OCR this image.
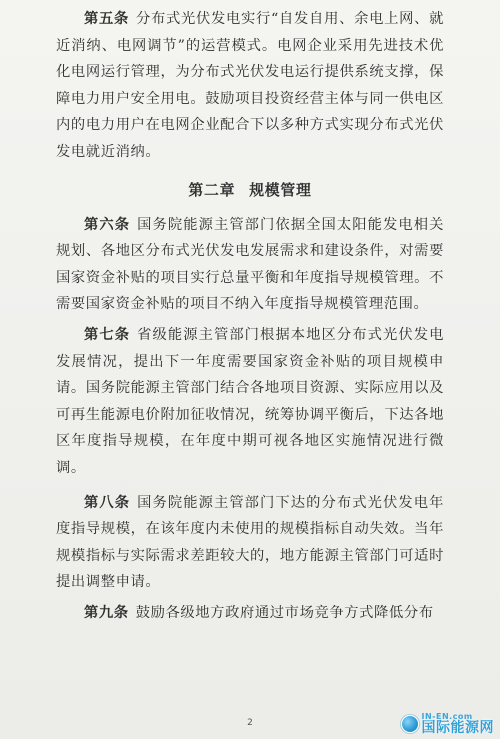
第五条 分布式光伏发电实行“自发自用、余电上网、就近消纳、电网调节”的运营模式。电网企业采用先进技术优化电网运行管理，为分布式光伏发电运行提供系统支撑，保障电力用户安全用电。鼓励项目投资经营主体与同一供电区内的电力用户在电网企业配合下以多种方式实现分布式光伏发电就近消纳。

第二章 规模管理

第六条 国务院能源主管部门依据全国太阳能发电相关规划、各地区分布式光伏发电发展需求和建设条件，对需要国家资金补贴的项目实行总量平衡和年度指导规模管理。不需要国家资金补贴的项目不纳入年度指导规模管理范围。

第七条 省级能源主管部门根据本地区分布式光伏发电发展情况，提出下一年度需要国家资金补贴的项目规模申请。国务院能源主管部门结合各地项目资源、实际应用以及可再生能源电价附加征收情况，统筹协调平衡后，下达各地区年度指导规模，在年度中期可视各地区实施情况进行微调。

第八条 国务院能源主管部门下达的分布式光伏发电年度指导规模，在该年度内未使用的规模指标自动失效。当年规模指标与实际需求差距较大的，地方能源主管部门可适时提出调整申请。

第九条 鼓励各级地方政府通过市场竞争方式降低分布

2
IN-EN.com
国际能源网
